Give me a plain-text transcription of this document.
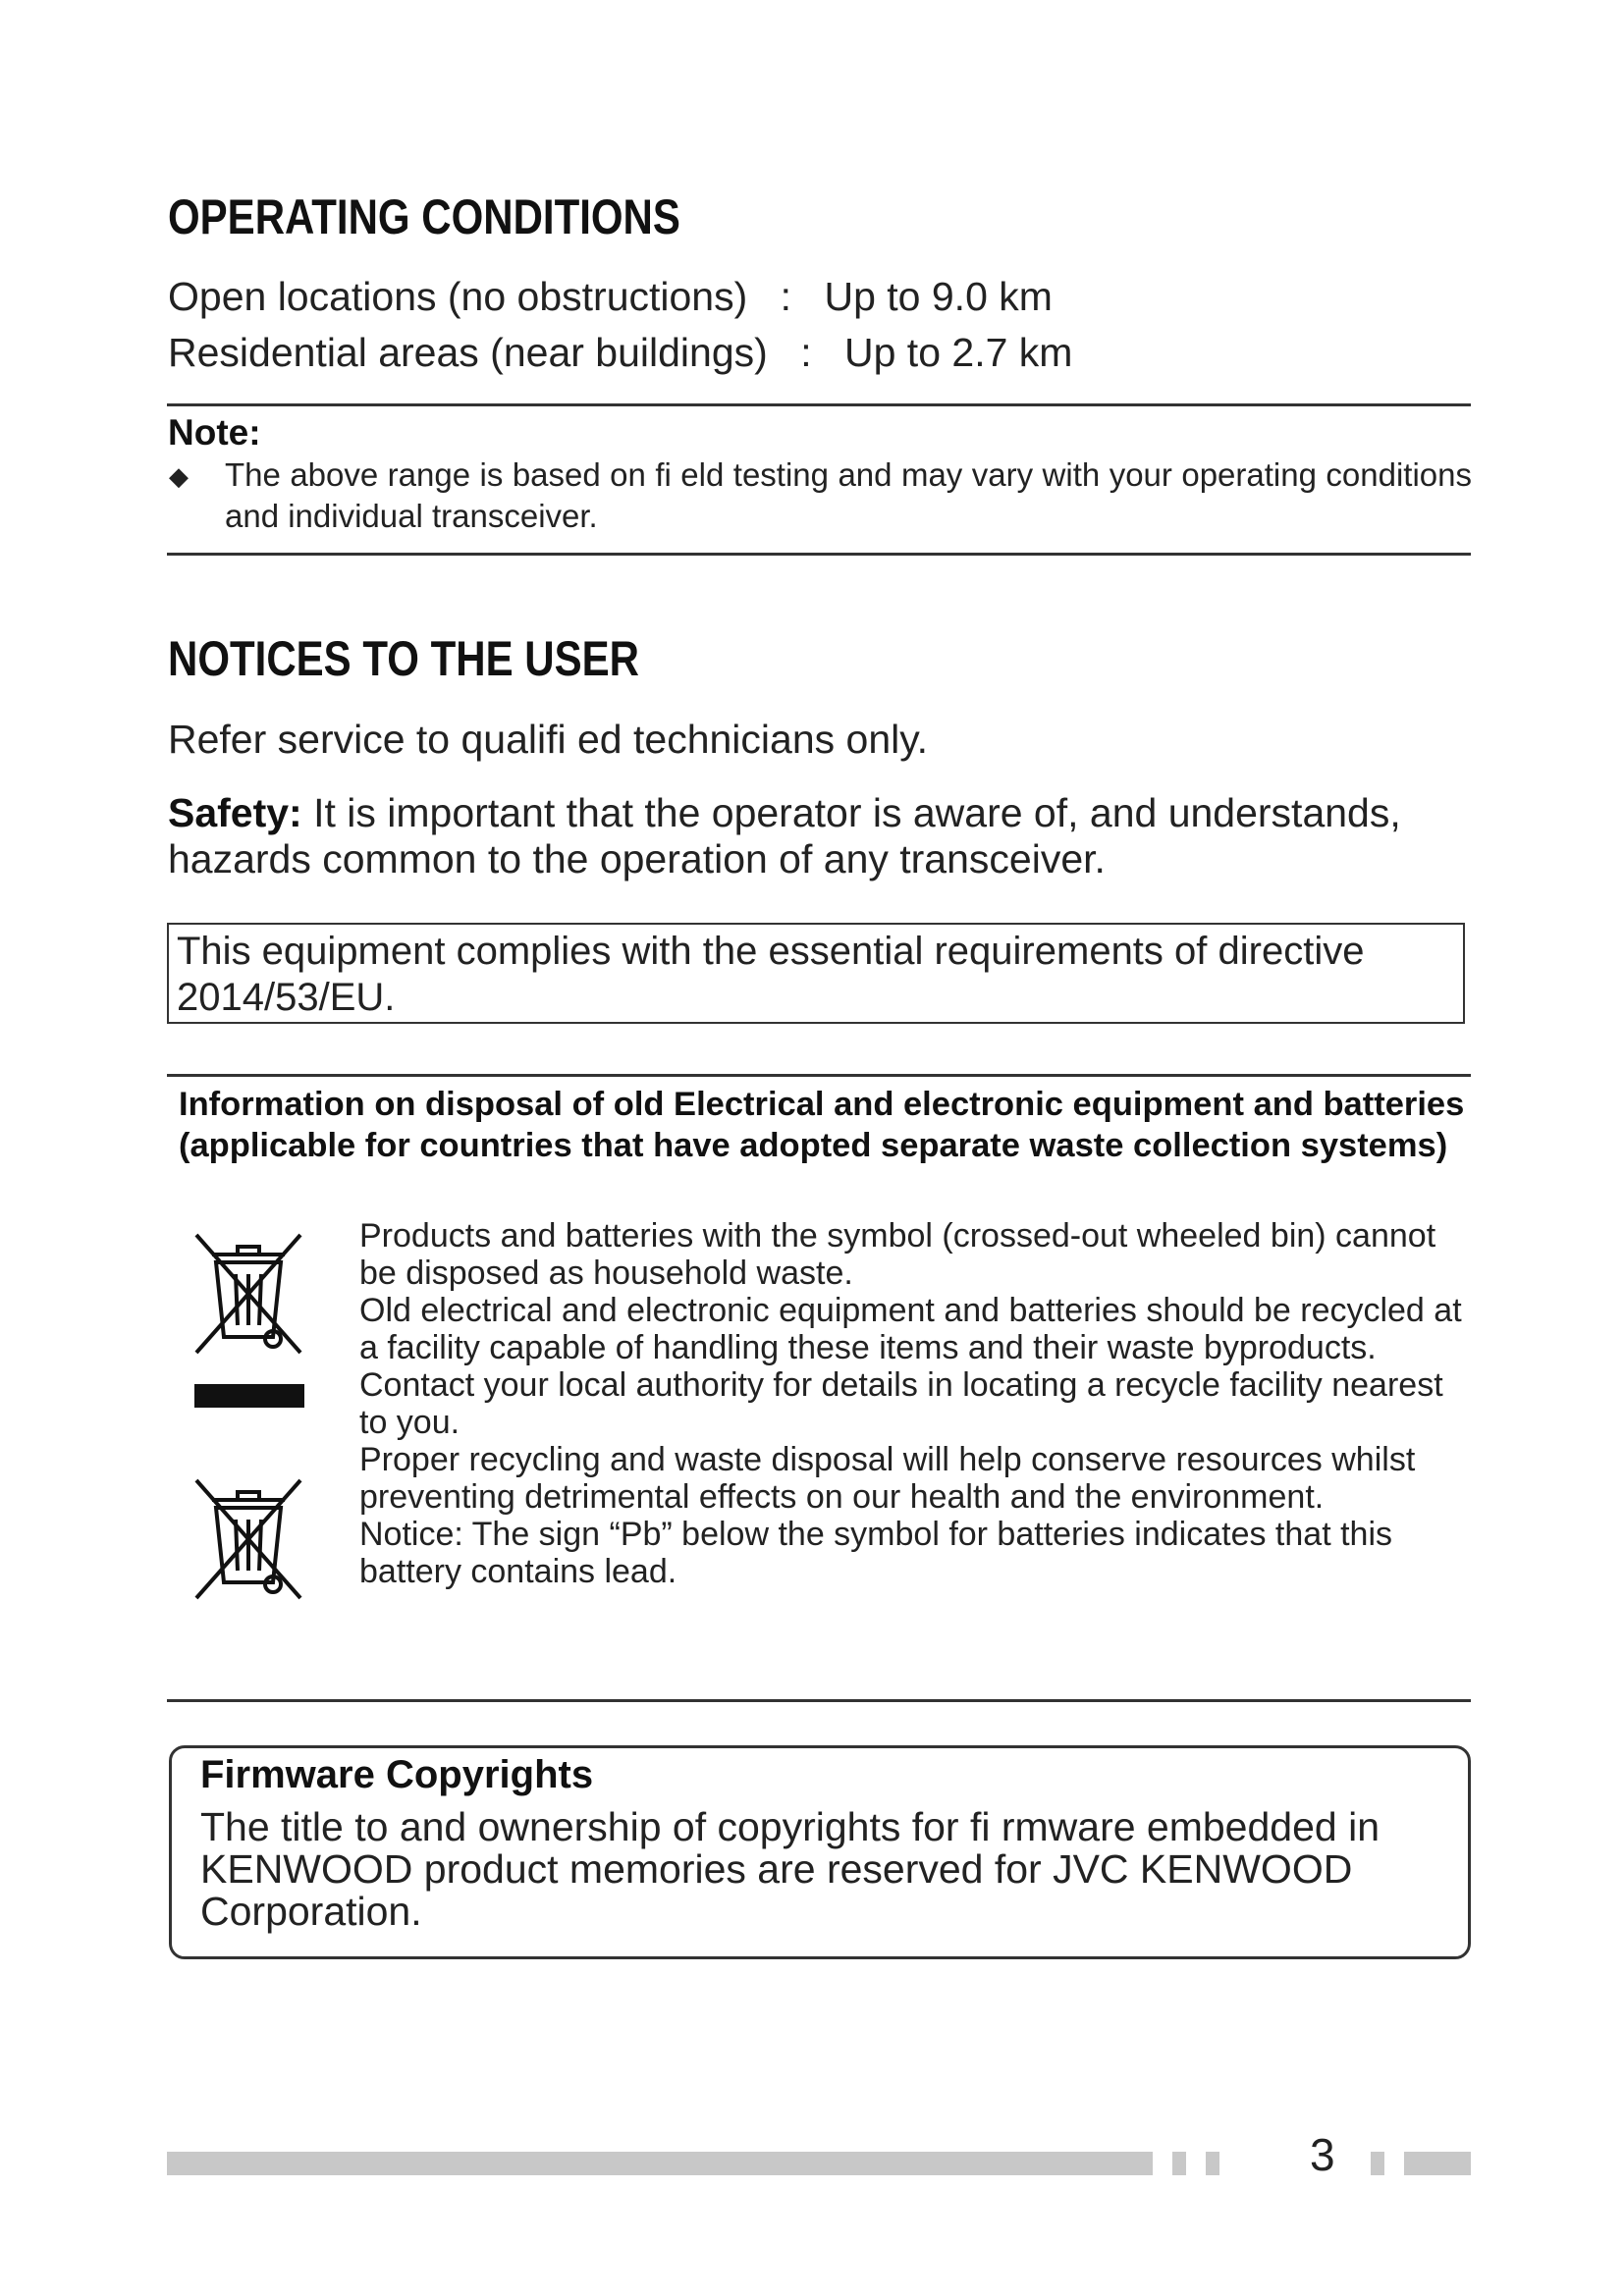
OPERATING CONDITIONS
Open locations (no obstructions) : Up to 9.0 km
Residential areas (near buildings) : Up to 2.7 km
Note:
◆ The above range is based on fi eld testing and may vary with your operating conditions and individual transceiver.
NOTICES TO THE USER
Refer service to qualifi ed technicians only.
Safety: It is important that the operator is aware of, and understands, hazards common to the operation of any transceiver.
This equipment complies with the essential requirements of directive 2014/53/EU.
Information on disposal of old Electrical and electronic equipment and batteries (applicable for countries that have adopted separate waste collection systems)

Products and batteries with the symbol (crossed-out wheeled bin) cannot be disposed as household waste.

Old electrical and electronic equipment and batteries should be recycled at a facility capable of handling these items and their waste byproducts.

Contact your local authority for details in locating a recycle facility nearest to you.

Proper recycling and waste disposal will help conserve resources whilst preventing detrimental effects on our health and the environment.

Notice: The sign “Pb” below the symbol for batteries indicates that this battery contains lead.

Firmware Copyrights
The title to and ownership of copyrights for fi rmware embedded in KENWOOD product memories are reserved for JVC KENWOOD Corporation.
3
